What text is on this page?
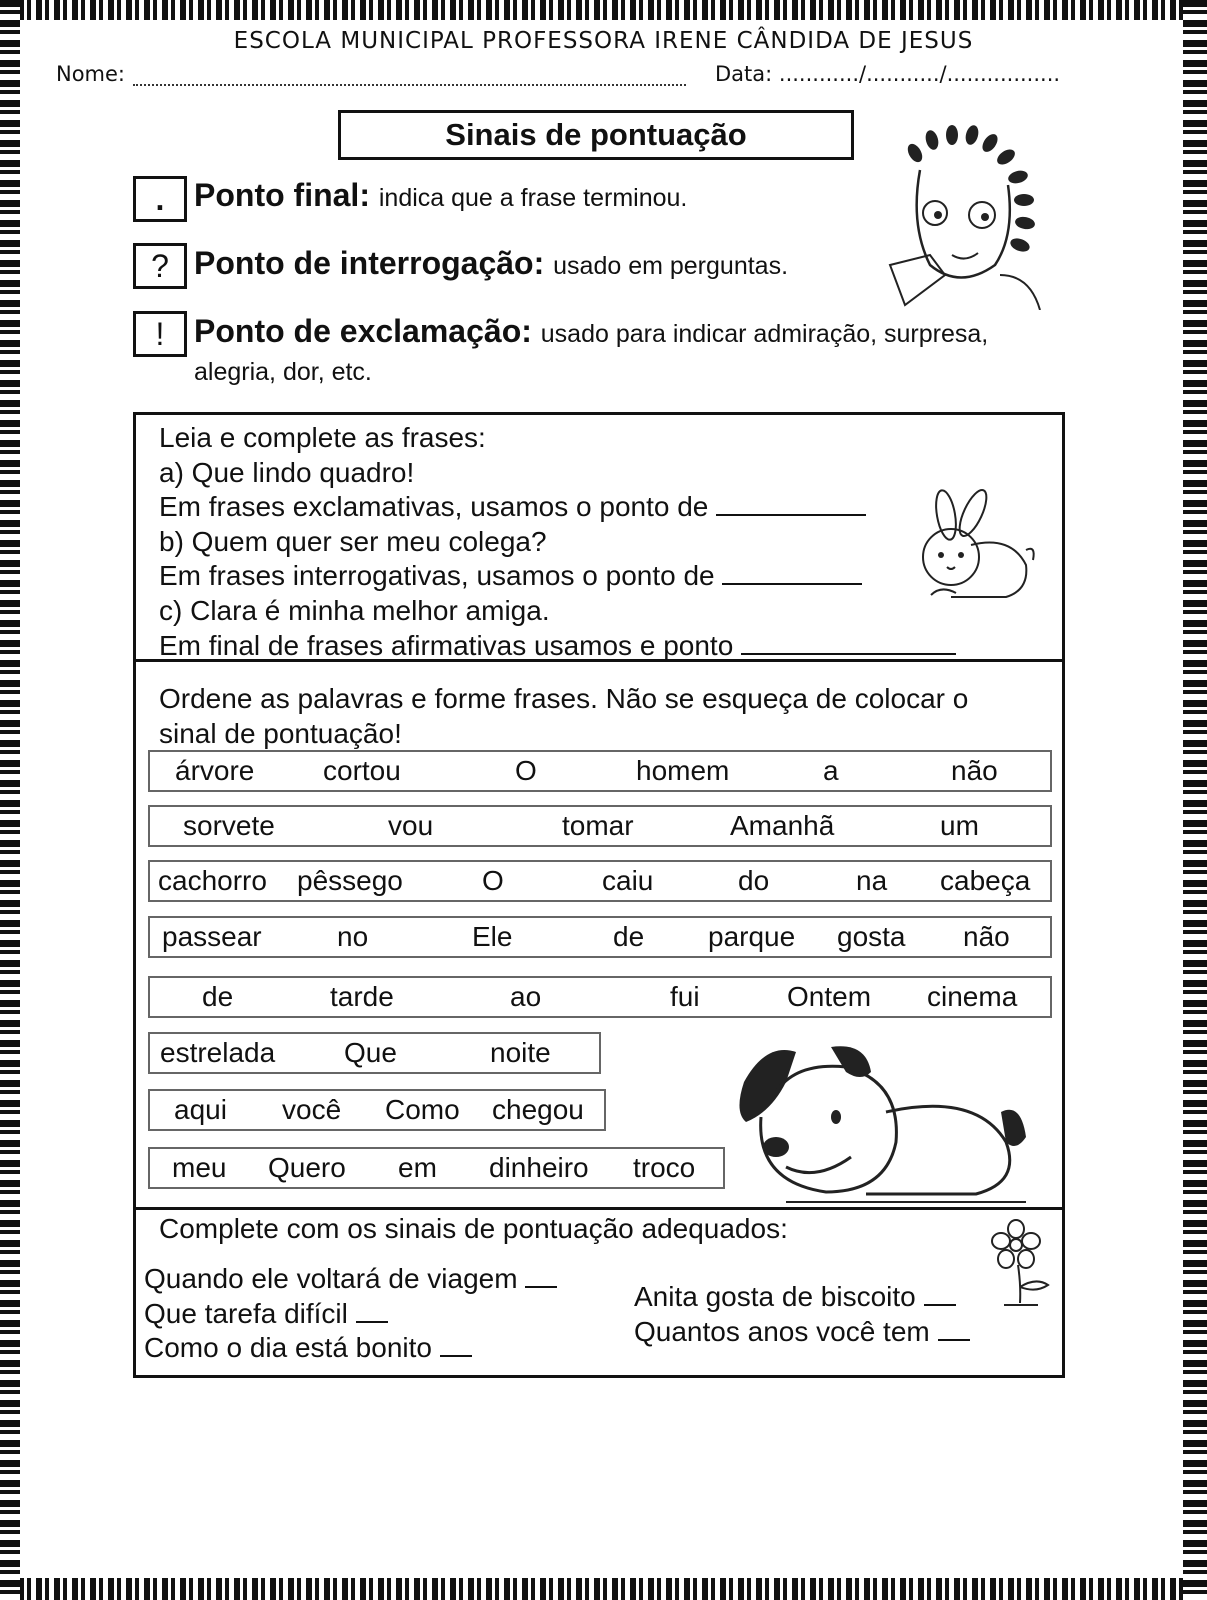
ESCOLA MUNICIPAL PROFESSORA IRENE CÂNDIDA DE JESUS
Nome:	Data: ............/.........../.................
Sinais de pontuação
. Ponto final: indica que a frase terminou.
? Ponto de interrogação: usado em perguntas.
! Ponto de exclamação: usado para indicar admiração, surpresa,
alegria, dor, etc.
Leia e complete as frases:
a) Que lindo quadro!
Em frases exclamativas, usamos o ponto de
b) Quem quer ser meu colega?
Em frases interrogativas, usamos o ponto de
c) Clara é minha melhor amiga.
Em final de frases afirmativas usamos e ponto
Ordene as palavras e forme frases. Não se esqueça de colocar o
sinal de pontuação!
árvore cortou	O	homem	a	não
sorvete	vou	tomar	Amanhã	um
cachorro pêssego	O	caiu	do	na cabeça
passear	no	Ele	de parque gosta não
de	tarde	ao	fui	Ontem cinema
estrelada Que	noite
aqui você Como chegou
meu Quero em dinheiro troco
Complete com os sinais de pontuação adequados:
Quando ele voltará de viagem
Que tarefa difícil
Como o dia está bonito
Anita gosta de biscoito
Quantos anos você tem
